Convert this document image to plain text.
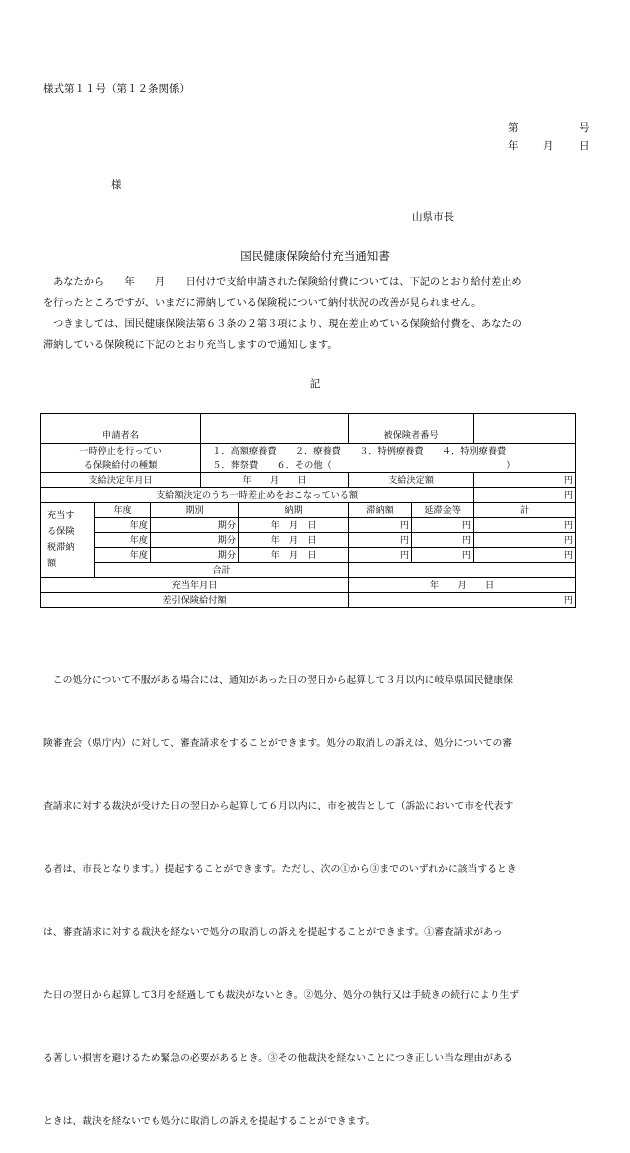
様式第１１号（第１２条関係）
第	号
年 月 日
様
山県市長
国民健康保険給付充当通知書
　あなたから　　年　　月　　日付けで支給申請された保険給付費については、下記のとおり給付差止め
を行ったところですが、いまだに滞納している保険税について納付状況の改善が見られません。
　つきましては、国民健康保険法第６３条の２第３項により、現在差止めている保険給付費を、あなたの
滞納している保険税に下記のとおり充当しますので通知します。
記
申請者名					被保険者番号			
一時停止を行ってい			　１．高額療養費　　２．療養費　　３．特例療養費　　４．特別療養費					
る保険給付の種類			　５．葬祭費　　６．その他（　　　　　　　　　　　　　　　　　　　）					
支給決定年月日			年　　月　　日		支給決定額		円	
支給額決定のうち一時差止めをおこなっている額							円	

充当す
る保険
税滞納
額	年度	期別		納期	滞納額	延滞金等	計	
	年度	期分		年　月　日	円	円	円	
	年度	期分		年　月　日	円	円	円	
	年度	期分		年　月　日	円	円	円	
	合計		
充当年月日					年　　月　　日			
差引保険給付額					円			

　この処分について不服がある場合には、通知があった日の翌日から起算して３月以内に岐阜県国民健康保

険審査会（県庁内）に対して、審査請求をすることができます。処分の取消しの訴えは、処分についての審

査請求に対する裁決が受けた日の翌日から起算して６月以内に、市を被告として（訴訟において市を代表す

る者は、市長となります。）提起することができます。ただし、次の①から③までのいずれかに該当するとき

は、審査請求に対する裁決を経ないで処分の取消しの訴えを提起することができます。①審査請求があっ

た日の翌日から起算して3月を経過しても裁決がないとき。②処分、処分の執行又は手続きの続行により生ず

る著しい損害を避けるため緊急の必要があるとき。③その他裁決を経ないことにつき正しい当な理由がある

ときは、裁決を経ないでも処分に取消しの訴えを提起することができます。
